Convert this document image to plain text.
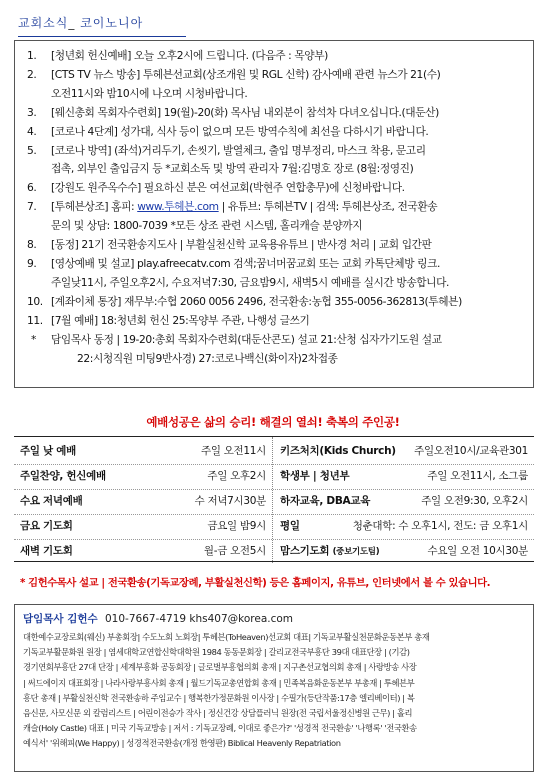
교회소식_ 코이노니아
1.	[청년회 헌신예배] 오늘 오후2시에 드립니다. (다음주 : 목양부)
2.	[CTS TV 뉴스 방송] 투헤븐선교회(상조개원 및 RGL 신학) 감사예배 관련 뉴스가 21(수)
오전11시와 밤10시에 나오며 시청바랍니다.
3.	[웨신총회 목회자수련회] 19(월)-20(화) 목사님 내외분이 참석차 다녀오십니다.(대둔산)
4.	[코로나 4단계] 성가대, 식사 등이 없으며 모든 방역수칙에 최선을 다하시기 바랍니다.
5.	[코로나 방역] (좌석)거리두기, 손씻기, 발열체크, 출입 명부정리, 마스크 착용, 문고리
접촉, 외부인 출입금지 등 *교회소독 및 방역 관리자 7월:김명호 장로 (8월:정영진)
6.	[강원도 원주옥수수] 필요하신 분은 여선교회(박현주 연합총무)에 신청바랍니다.
7.	[투헤븐상조] 홈피: www.투헤븐.com | 유튜브: 투헤븐TV | 검색: 투헤븐상조, 전국환송
문의 및 상담: 1800-7039 *모든 상조 관련 시스템, 홀리캐슬 분양까지
8.	[동정] 21기 전국환송지도사 | 부활실천신학 교육용유튜브 | 반사경 처리 | 교회 입간판
9.	[영상예배 및 설교] play.afreecatv.com 검색;꿈너머꿈교회 또는 교회 카톡단체방 링크.
주일낮11시, 주일오후2시, 수요저녁7:30, 금요밤9시, 새벽5시 예배를 실시간 방송합니다.
10. [계좌이체 통장] 재무부:수협 2060 0056 2496, 전국환송:농협 355-0056-362813(투헤븐)
11. [7월 예배] 18:청년회 헌신 25:목양부 주관, 나행성 글쓰기
*	담임목사 동정 | 19-20:총회 목회자수련회(대둔산콘도) 설교 21:산청 십자가기도원 설교
22:시청직원 미팅9반사경) 27:코로나백신(화이자)2차접종
예배성공은 삶의 승리! 해결의 열쇠! 축복의 주인공!
주일 낮 예배	주일 오전11시 키즈처치(Kids Church) 주일오전10시/교육관301
주일찬양, 헌신예배	주일 오후2시 학생부 | 청년부	주일 오전11시, 소그룹
수요 저녁예배	수 저녁7시30분 하자교육, DBA교육	주일 오전9:30, 오후2시
금요 기도회	금요일 밤9시 평일	청춘대학: 수 오후1시, 전도: 금 오후1시
새벽 기도회	월-금 오전5시 맘스기도회 (중보기도팀)	수요일 오전 10시30분
* 김헌수목사 설교 | 전국환송(기독교장례, 부활실천신학) 등은 홈페이지, 유튜브, 인터넷에서 볼 수 있습니다.
담임목사 김헌수 010-7667-4719 khs407@korea.com
대한예수교장로회(웨신) 부총회장| 수도노회 노회장| 투헤븐(ToHeaven)선교회 대표| 기독교부활실천문화운동본부 총재
기독교부활문화원 원장 | 염세대학교연합신학대학원 1984 동동문회장 | 갈리교전국부흥단 39대 대표단장 | (기감)
경기연회부흥단 27대 단장 | 세계부흥화 공동회장 | 글로벌부흥협의회 총재 | 지구촌선교협의회 총재 | 사랑방송 사장
| 써드에이지 대표회장 | 나라사랑부흥사회 총재 | 월드기독교총연합회 총재 | 민족복음화운동본부 부총재 | 투헤븐부
흥단 총재 | 부활실천신학 전국환송하 주임교수 | 행복한가정문화원 이사장 | 수필가(등단작품:17층 엘리베이터) | 복
음신문, 사모신문 외 칼럼리스트 | 어린이전승가 작사 | 정신건강 상담플러닉 원장(전 국립서울정신병원 근무) | 홀리
캐슬(Holy Castle) 대표 | 미국 기독교방송 | 저서 : 기독교장례, 이대로 좋은가?' '성경적 전국환송' '나행록' '전국환송
예식서' '위해피(We Happy) | 성경적전국환송(개정 한영판) Biblical Heavenly Repatriation
